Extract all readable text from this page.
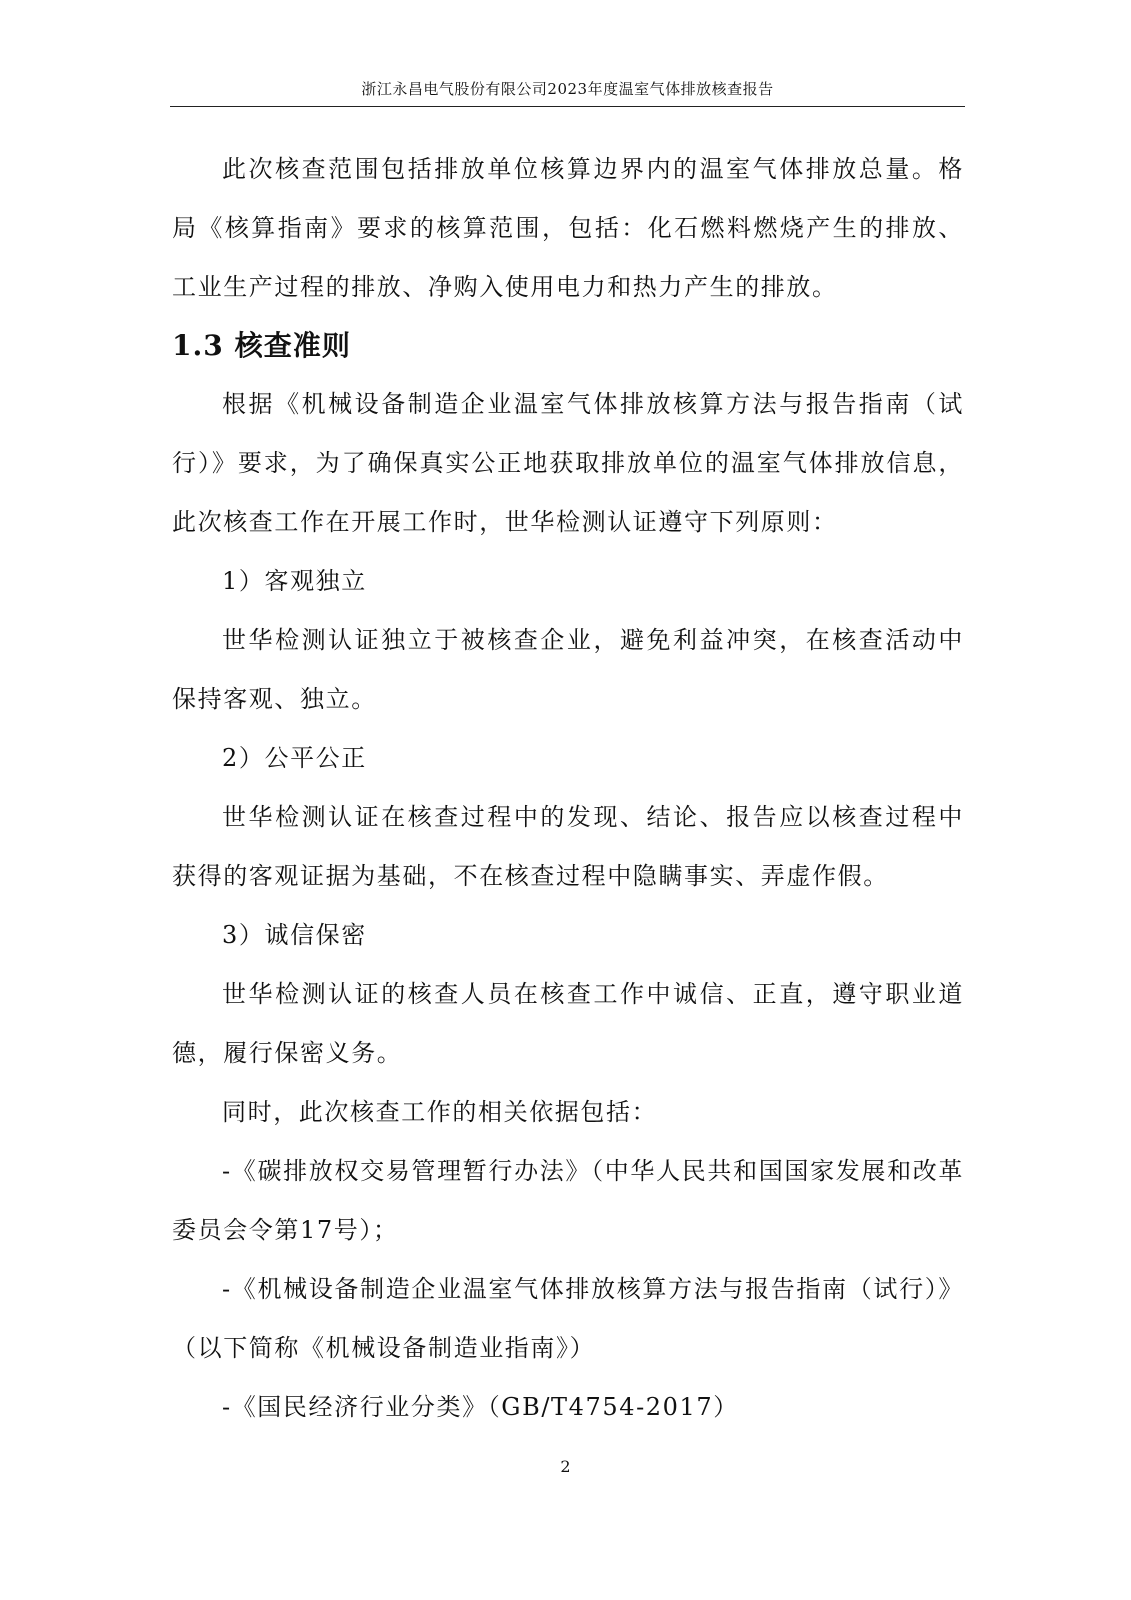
浙江永昌电气股份有限公司2023年度温室气体排放核查报告

此次核查范围包括排放单位核算边界内的温室气体排放总量。格局《核算指南》要求的核算范围，包括：化石燃料燃烧产生的排放、工业生产过程的排放、净购入使用电力和热力产生的排放。

1.3 核查准则

根据《机械设备制造企业温室气体排放核算方法与报告指南（试行）》要求，为了确保真实公正地获取排放单位的温室气体排放信息，此次核查工作在开展工作时，世华检测认证遵守下列原则：

1）客观独立

世华检测认证独立于被核查企业，避免利益冲突，在核查活动中保持客观、独立。

2）公平公正

世华检测认证在核查过程中的发现、结论、报告应以核查过程中获得的客观证据为基础，不在核查过程中隐瞒事实、弄虚作假。

3）诚信保密

世华检测认证的核查人员在核查工作中诚信、正直，遵守职业道德，履行保密义务。

同时，此次核查工作的相关依据包括：

-《碳排放权交易管理暂行办法》（中华人民共和国国家发展和改革委员会令第17号）；

-《机械设备制造企业温室气体排放核算方法与报告指南（试行）》（以下简称《机械设备制造业指南》）

-《国民经济行业分类》（GB/T4754-2017）

2
